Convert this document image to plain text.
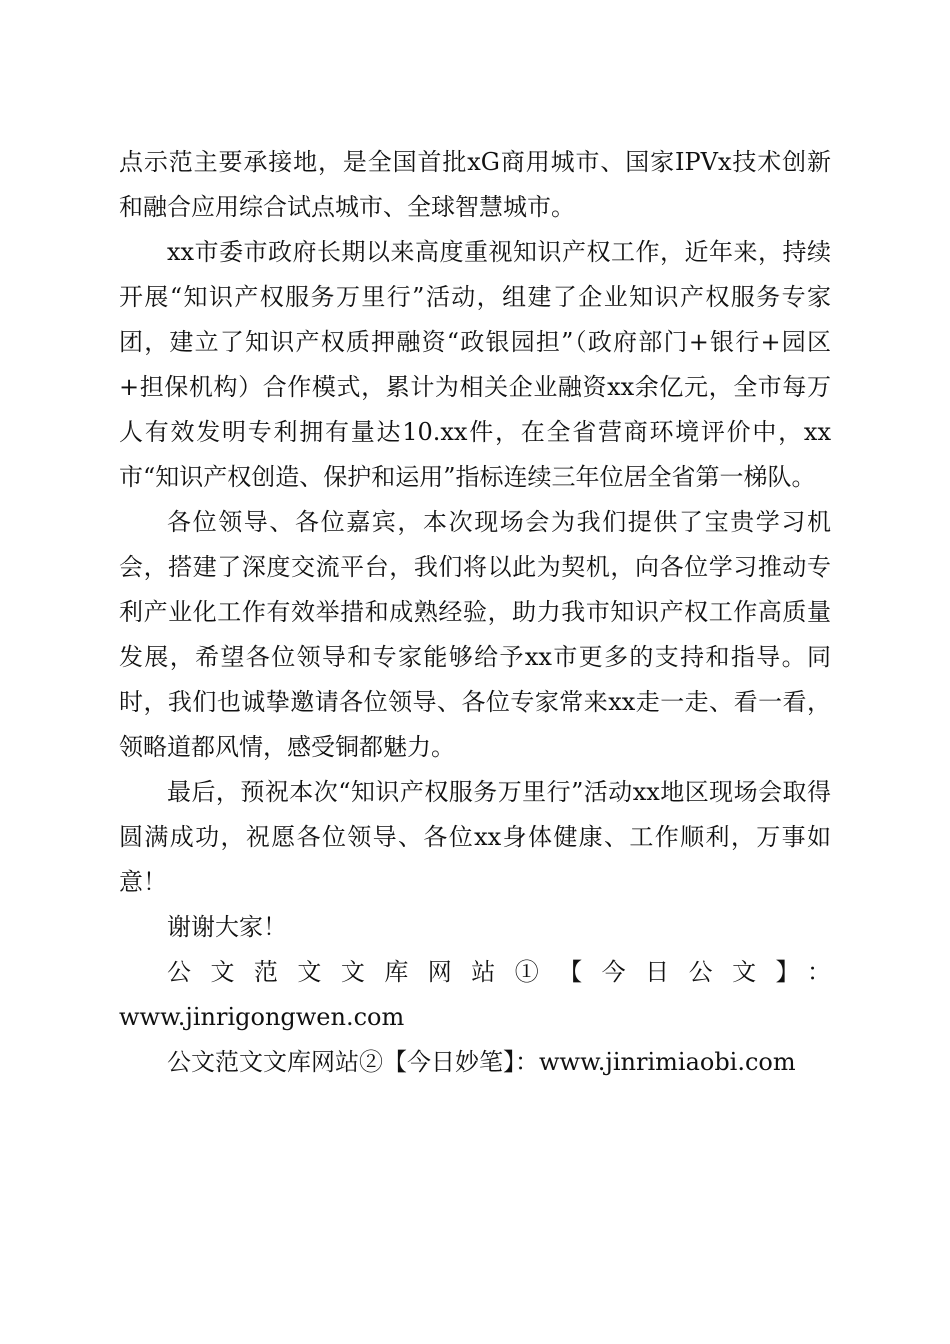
点示范主要承接地，是全国首批xG商用城市、国家IPVx技术创新和融合应用综合试点城市、全球智慧城市。

xx市委市政府长期以来高度重视知识产权工作，近年来，持续开展“知识产权服务万里行”活动，组建了企业知识产权服务专家团，建立了知识产权质押融资“政银园担”（政府部门+银行+园区+担保机构）合作模式，累计为相关企业融资xx余亿元，全市每万人有效发明专利拥有量达10.xx件，在全省营商环境评价中，xx市“知识产权创造、保护和运用”指标连续三年位居全省第一梯队。

各位领导、各位嘉宾，本次现场会为我们提供了宝贵学习机会，搭建了深度交流平台，我们将以此为契机，向各位学习推动专利产业化工作有效举措和成熟经验，助力我市知识产权工作高质量发展，希望各位领导和专家能够给予xx市更多的支持和指导。同时，我们也诚挚邀请各位领导、各位专家常来xx走一走、看一看，领略道都风情，感受铜都魅力。

最后，预祝本次“知识产权服务万里行”活动xx地区现场会取得圆满成功，祝愿各位领导、各位xx身体健康、工作顺利，万事如意！

谢谢大家！

公文范文文库网站①【今日公文】：

www.jinrigongwen.com

公文范文文库网站②【今日妙笔】：www.jinrimiaobi.com
